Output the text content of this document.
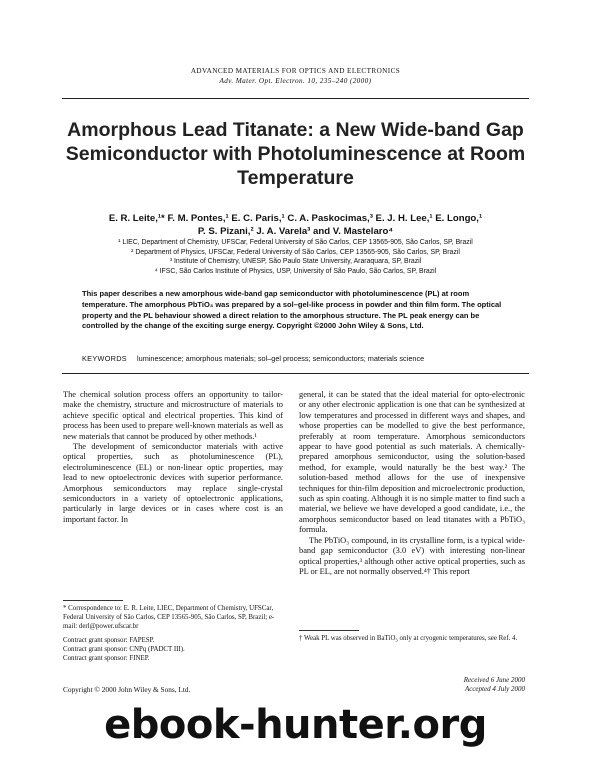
ADVANCED MATERIALS FOR OPTICS AND ELECTRONICS
Adv. Mater. Opt. Electron. 10, 235–240 (2000)
Amorphous Lead Titanate: a New Wide-band Gap Semiconductor with Photoluminescence at Room Temperature
E. R. Leite,¹* F. M. Pontes,¹ E. C. Paris,¹ C. A. Paskocimas,³ E. J. H. Lee,¹ E. Longo,¹
P. S. Pizani,² J. A. Varela³ and V. Mastelaro⁴
¹ LIEC, Department of Chemistry, UFSCar, Federal University of São Carlos, CEP 13565-905, São Carlos, SP, Brazil
² Department of Physics, UFSCar, Federal University of São Carlos, CEP 13565-905, São Carlos, SP, Brazil
³ Institute of Chemistry, UNESP, São Paulo State University, Araraquara, SP, Brazil
⁴ IFSC, São Carlos Institute of Physics, USP, University of São Paulo, São Carlos, SP, Brazil
This paper describes a new amorphous wide-band gap semiconductor with photoluminescence (PL) at room temperature. The amorphous PbTiO₃ was prepared by a sol–gel-like process in powder and thin film form. The optical property and the PL behaviour showed a direct relation to the amorphous structure. The PL peak energy can be controlled by the change of the exciting surge energy. Copyright ©2000 John Wiley & Sons, Ltd.
KEYWORDS luminescence; amorphous materials; sol–gel process; semiconductors; materials science

The chemical solution process offers an opportunity to tailor-make the chemistry, structure and microstructure of materials to achieve specific optical and electrical properties. This kind of process has been used to prepare well-known materials as well as new materials that cannot be produced by other methods.¹

The development of semiconductor materials with active optical properties, such as photoluminescence (PL), electroluminescence (EL) or non-linear optic properties, may lead to new optoelectronic devices with superior performance. Amorphous semiconductors may replace single-crystal semiconductors in a variety of optoelectronic applications, particularly in large devices or in cases where cost is an important factor. In

general, it can be stated that the ideal material for opto-electronic or any other electronic application is one that can be synthesized at low temperatures and processed in different ways and shapes, and whose properties can be modelled to give the best performance, preferably at room temperature. Amorphous semiconductors appear to have good potential as such materials. A chemically-prepared amorphous semiconductor, using the solution-based method, for example, would naturally be the best way.² The solution-based method allows for the use of inexpensive techniques for thin-film deposition and microelectronic production, such as spin coating. Although it is no simple matter to find such a material, we believe we have developed a good candidate, i.e., the amorphous semiconductor based on lead titanates with a PbTiO₃ formula.

The PbTiO₃ compound, in its crystalline form, is a typical wide-band gap semiconductor (3.0 eV) with interesting non-linear optical properties,³ although other active optical properties, such as PL or EL, are not normally observed.⁴† This report

* Correspondence to: E. R. Leite, LIEC, Department of Chemistry, UFSCar, Federal University of São Carlos, CEP 13565-905, São Carlos, SP, Brazil; e-mail: derl@power.ufscar.br
Contract grant sponsor: FAPESP.
Contract grant sponsor: CNPq (PADCT III).
Contract grant sponsor: FINEP.
† Weak PL was observed in BaTiO₃ only at cryogenic temperatures, see Ref. 4.
Copyright © 2000 John Wiley & Sons, Ltd.
Received 6 June 2000
Accepted 4 July 2000
ebook-hunter.org
